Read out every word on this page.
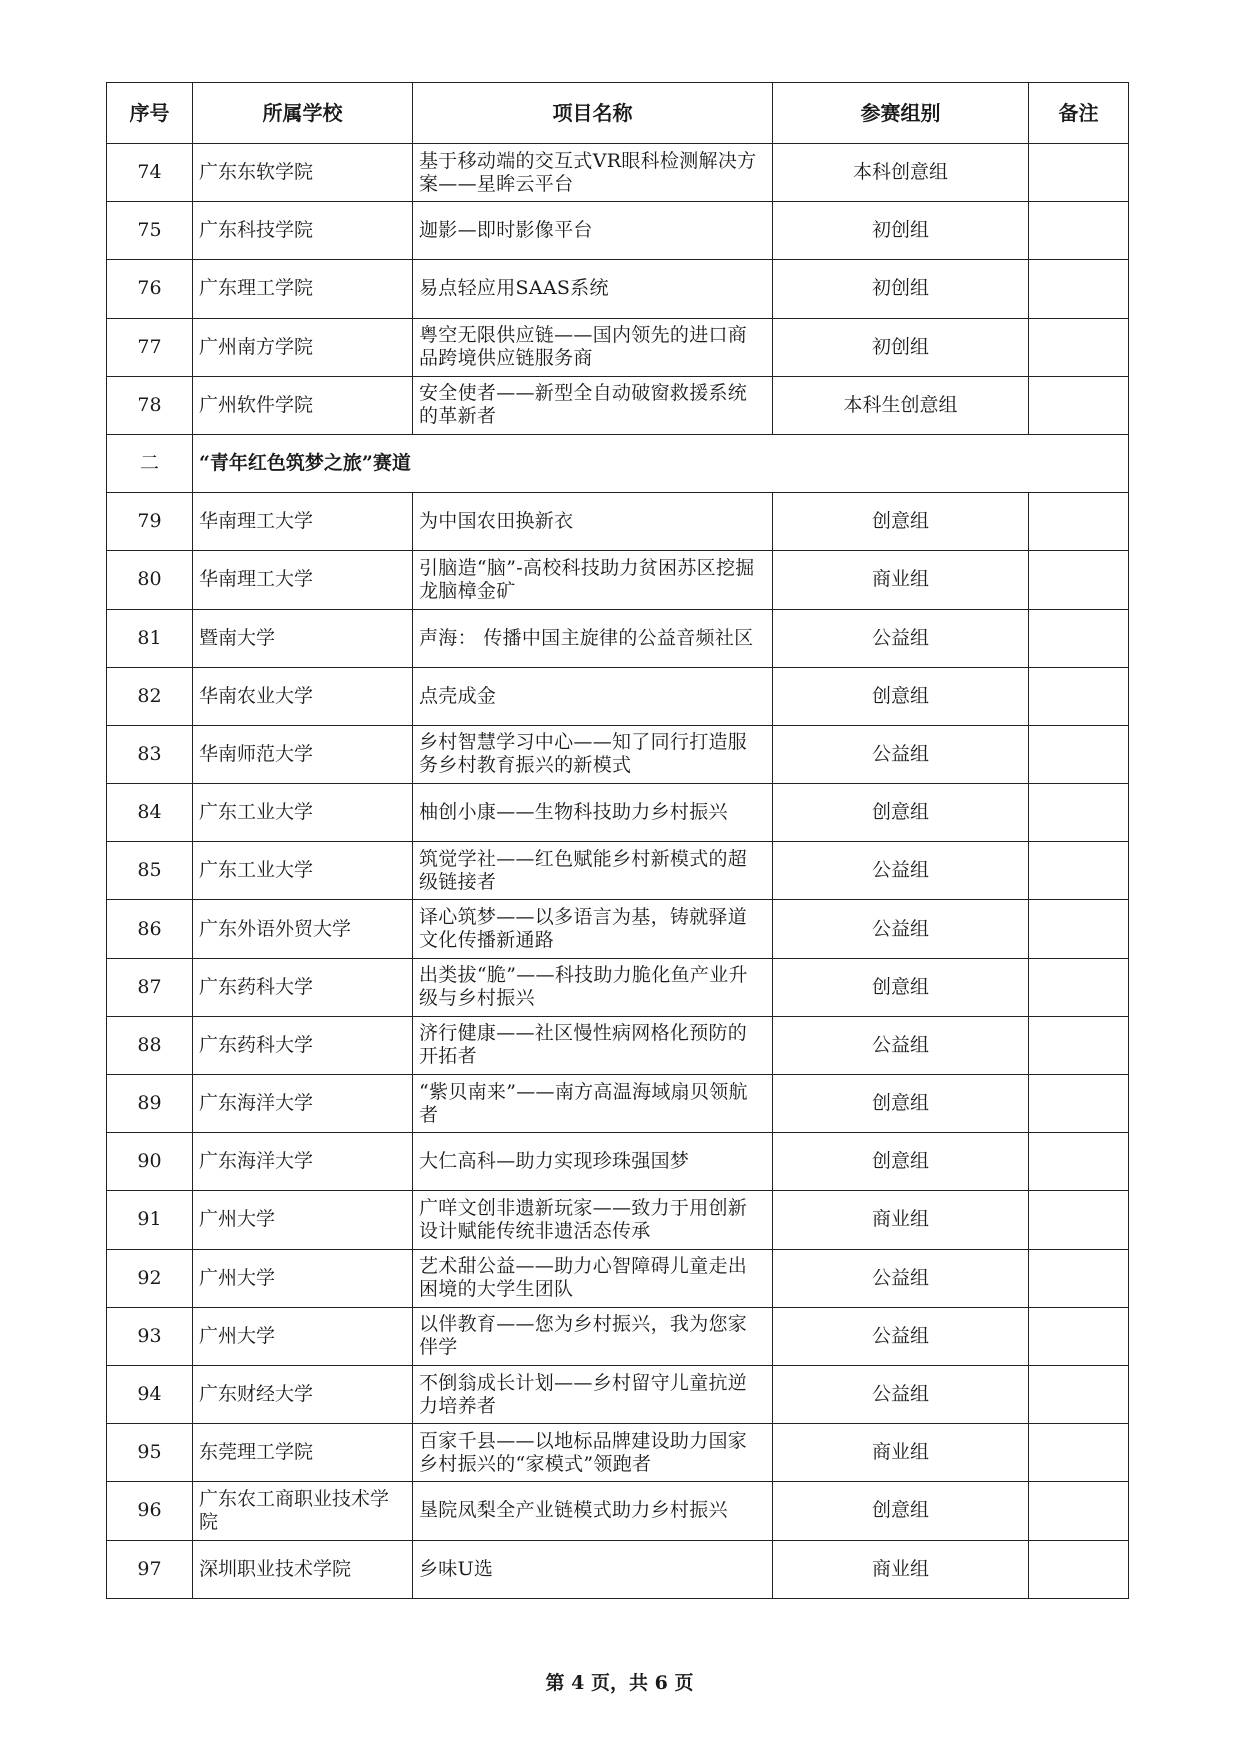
序号	所属学校	项目名称	参赛组别	备注
74	广东东软学院	基于移动端的交互式VR眼科检测解决方案——星眸云平台	本科创意组	
75	广东科技学院	迦影—即时影像平台	初创组	
76	广东理工学院	易点轻应用SAAS系统	初创组	
77	广州南方学院	粤空无限供应链——国内领先的进口商品跨境供应链服务商	初创组	
78	广州软件学院	安全使者——新型全自动破窗救援系统的革新者	本科生创意组	
二	“青年红色筑梦之旅”赛道			
79	华南理工大学	为中国农田换新衣	创意组	
80	华南理工大学	引脑造“脑”-高校科技助力贫困苏区挖掘龙脑樟金矿	商业组	
81	暨南大学	声海： 传播中国主旋律的公益音频社区	公益组	
82	华南农业大学	点壳成金	创意组	
83	华南师范大学	乡村智慧学习中心——知了同行打造服务乡村教育振兴的新模式	公益组	
84	广东工业大学	柚创小康——生物科技助力乡村振兴	创意组	
85	广东工业大学	筑觉学社——红色赋能乡村新模式的超级链接者	公益组	
86	广东外语外贸大学	译心筑梦——以多语言为基，铸就驿道文化传播新通路	公益组	
87	广东药科大学	出类拔“脆”——科技助力脆化鱼产业升级与乡村振兴	创意组	
88	广东药科大学	济行健康——社区慢性病网格化预防的开拓者	公益组	
89	广东海洋大学	“紫贝南来”——南方高温海域扇贝领航者	创意组	
90	广东海洋大学	大仁高科—助力实现珍珠强国梦	创意组	
91	广州大学	广咩文创非遗新玩家——致力于用创新设计赋能传统非遗活态传承	商业组	
92	广州大学	艺术甜公益——助力心智障碍儿童走出困境的大学生团队	公益组	
93	广州大学	以伴教育——您为乡村振兴，我为您家伴学	公益组	
94	广东财经大学	不倒翁成长计划——乡村留守儿童抗逆力培养者	公益组	
95	东莞理工学院	百家千县——以地标品牌建设助力国家乡村振兴的“家模式”领跑者	商业组	
96	广东农工商职业技术学院	垦院凤梨全产业链模式助力乡村振兴	创意组	
97	深圳职业技术学院	乡味U选	商业组	
第 4 页，共 6 页
